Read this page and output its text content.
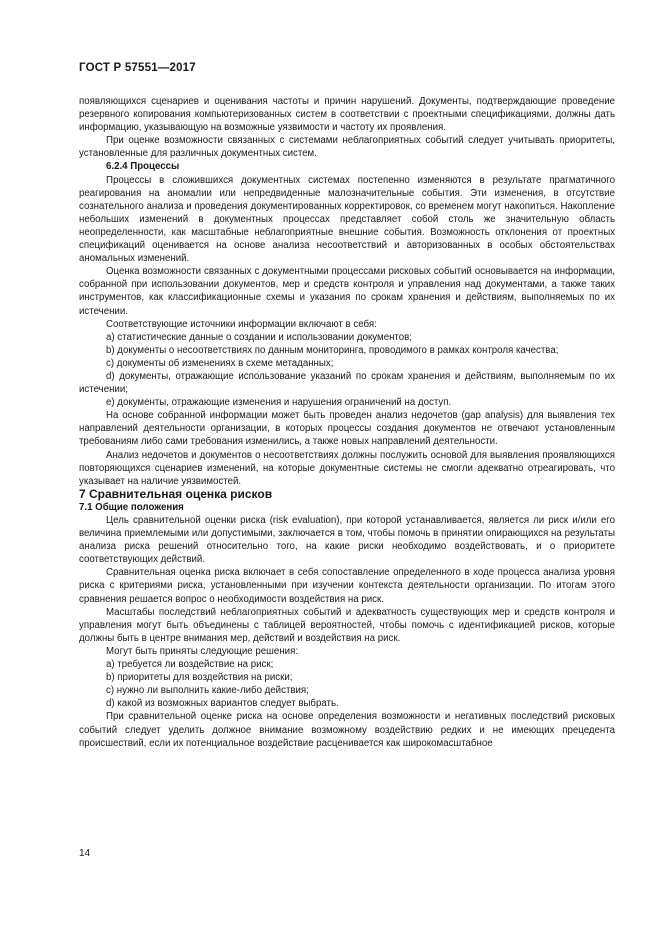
ГОСТ Р 57551—2017

появляющихся сценариев и оценивания частоты и причин нарушений. Документы, подтверждающие проведение резервного копирования компьютеризованных систем в соответствии с проектными спецификациями, должны дать информацию, указывающую на возможные уязвимости и частоту их проявления.

При оценке возможности связанных с системами неблагоприятных событий следует учитывать приоритеты, установленные для различных документных систем.

6.2.4 Процессы

Процессы в сложившихся документных системах постепенно изменяются в результате прагматичного реагирования на аномалии или непредвиденные малозначительные события. Эти изменения, в отсутствие сознательного анализа и проведения документированных корректировок, со временем могут накопиться. Накопление небольших изменений в документных процессах представляет собой столь же значительную область неопределенности, как масштабные неблагоприятные внешние события. Возможность отклонения от проектных спецификаций оценивается на основе анализа несоответствий и авторизованных в особых обстоятельствах аномальных изменений.

Оценка возможности связанных с документными процессами рисковых событий основывается на информации, собранной при использовании документов, мер и средств контроля и управления над документами, а также таких инструментов, как классификационные схемы и указания по срокам хранения и действиям, выполняемых по их истечении.

Соответствующие источники информации включают в себя:

a) статистические данные о создании и использовании документов;

b) документы о несоответствиях по данным мониторинга, проводимого в рамках контроля качества;

c) документы об изменениях в схеме метаданных;

d) документы, отражающие использование указаний по срокам хранения и действиям, выполняемым по их истечении;

e) документы, отражающие изменения и нарушения ограничений на доступ.

На основе собранной информации может быть проведен анализ недочетов (gap analysis) для выявления тех направлений деятельности организации, в которых процессы создания документов не отвечают установленным требованиям либо сами требования изменились, а также новых направлений деятельности.

Анализ недочетов и документов о несоответствиях должны послужить основой для выявления проявляющихся повторяющихся сценариев изменений, на которые документные системы не смогли адекватно отреагировать, что указывает на наличие уязвимостей.

7 Сравнительная оценка рисков

7.1 Общие положения

Цель сравнительной оценки риска (risk evaluation), при которой устанавливается, является ли риск и/или его величина приемлемыми или допустимыми, заключается в том, чтобы помочь в принятии опирающихся на результаты анализа риска решений относительно того, на какие риски необходимо воздействовать, и о приоритете соответствующих действий.

Сравнительная оценка риска включает в себя сопоставление определенного в ходе процесса анализа уровня риска с критериями риска, установленными при изучении контекста деятельности организации. По итогам этого сравнения решается вопрос о необходимости воздействия на риск.

Масштабы последствий неблагоприятных событий и адекватность существующих мер и средств контроля и управления могут быть объединены с таблицей вероятностей, чтобы помочь с идентификацией рисков, которые должны быть в центре внимания мер, действий и воздействия на риск.

Могут быть приняты следующие решения:

a) требуется ли воздействие на риск;

b) приоритеты для воздействия на риски;

c) нужно ли выполнить какие-либо действия;

d) какой из возможных вариантов следует выбрать.

При сравнительной оценке риска на основе определения возможности и негативных последствий рисковых событий следует уделить должное внимание возможному воздействию редких и не имеющих прецедента происшествий, если их потенциальное воздействие расценивается как широкомасштабное

14
